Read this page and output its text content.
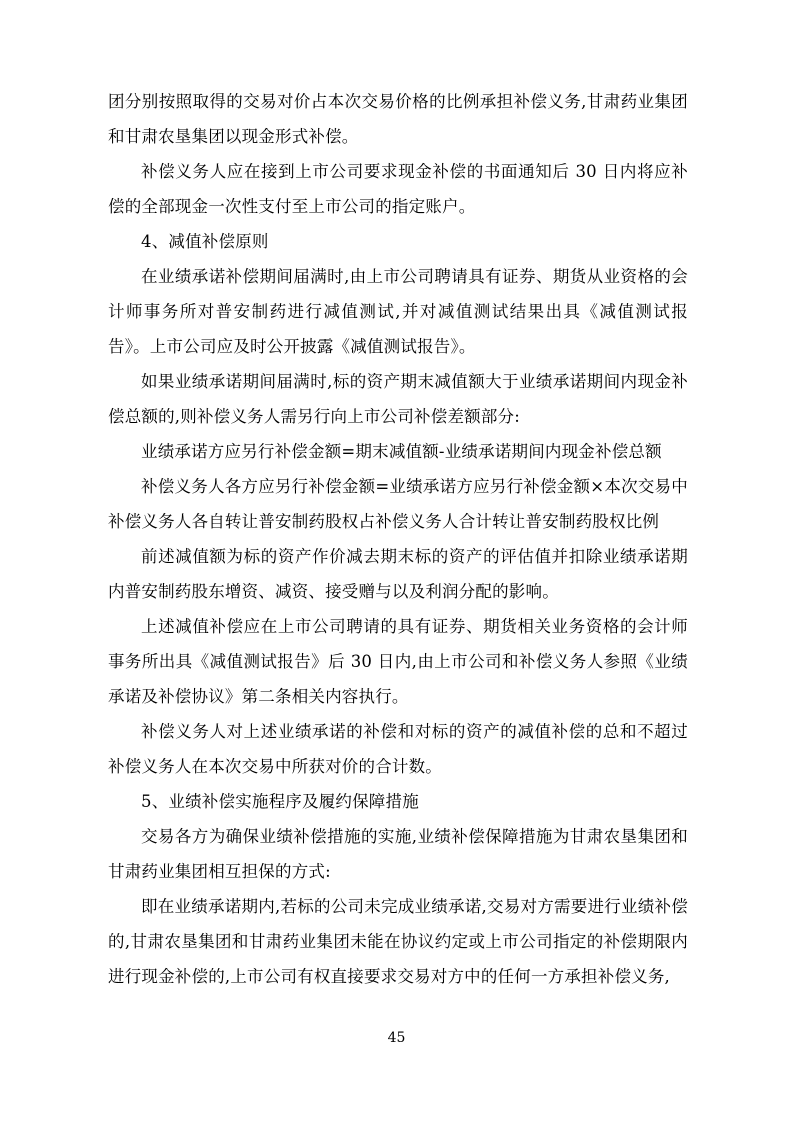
团分别按照取得的交易对价占本次交易价格的比例承担补偿义务,甘肃药业集团和甘肃农垦集团以现金形式补偿。

补偿义务人应在接到上市公司要求现金补偿的书面通知后 30 日内将应补偿的全部现金一次性支付至上市公司的指定账户。

4、减值补偿原则

在业绩承诺补偿期间届满时,由上市公司聘请具有证券、期货从业资格的会计师事务所对普安制药进行减值测试,并对减值测试结果出具《减值测试报告》。上市公司应及时公开披露《减值测试报告》。

如果业绩承诺期间届满时,标的资产期末减值额大于业绩承诺期间内现金补偿总额的,则补偿义务人需另行向上市公司补偿差额部分:

业绩承诺方应另行补偿金额=期末减值额-业绩承诺期间内现金补偿总额

补偿义务人各方应另行补偿金额=业绩承诺方应另行补偿金额×本次交易中补偿义务人各自转让普安制药股权占补偿义务人合计转让普安制药股权比例

前述减值额为标的资产作价减去期末标的资产的评估值并扣除业绩承诺期内普安制药股东增资、减资、接受赠与以及利润分配的影响。

上述减值补偿应在上市公司聘请的具有证券、期货相关业务资格的会计师事务所出具《减值测试报告》后 30 日内,由上市公司和补偿义务人参照《业绩承诺及补偿协议》第二条相关内容执行。

补偿义务人对上述业绩承诺的补偿和对标的资产的减值补偿的总和不超过补偿义务人在本次交易中所获对价的合计数。

5、业绩补偿实施程序及履约保障措施

交易各方为确保业绩补偿措施的实施,业绩补偿保障措施为甘肃农垦集团和甘肃药业集团相互担保的方式:

即在业绩承诺期内,若标的公司未完成业绩承诺,交易对方需要进行业绩补偿的,甘肃农垦集团和甘肃药业集团未能在协议约定或上市公司指定的补偿期限内进行现金补偿的,上市公司有权直接要求交易对方中的任何一方承担补偿义务,

45
